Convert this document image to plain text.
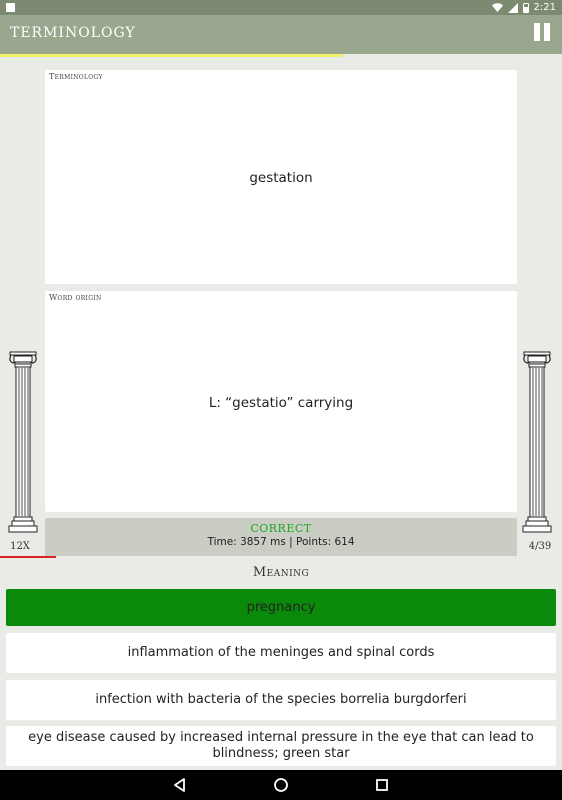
2:21
TERMINOLOGY
Terminology
gestation
Word origin
L: “gestatio” carrying
CORRECT
Time: 3857 ms | Points: 614
12X	4/39
Meaning
pregnancy
inflammation of the meninges and spinal cords
infection with bacteria of the species borrelia burgdorferi
eye disease caused by increased internal pressure in the eye that can lead to blindness; green star
